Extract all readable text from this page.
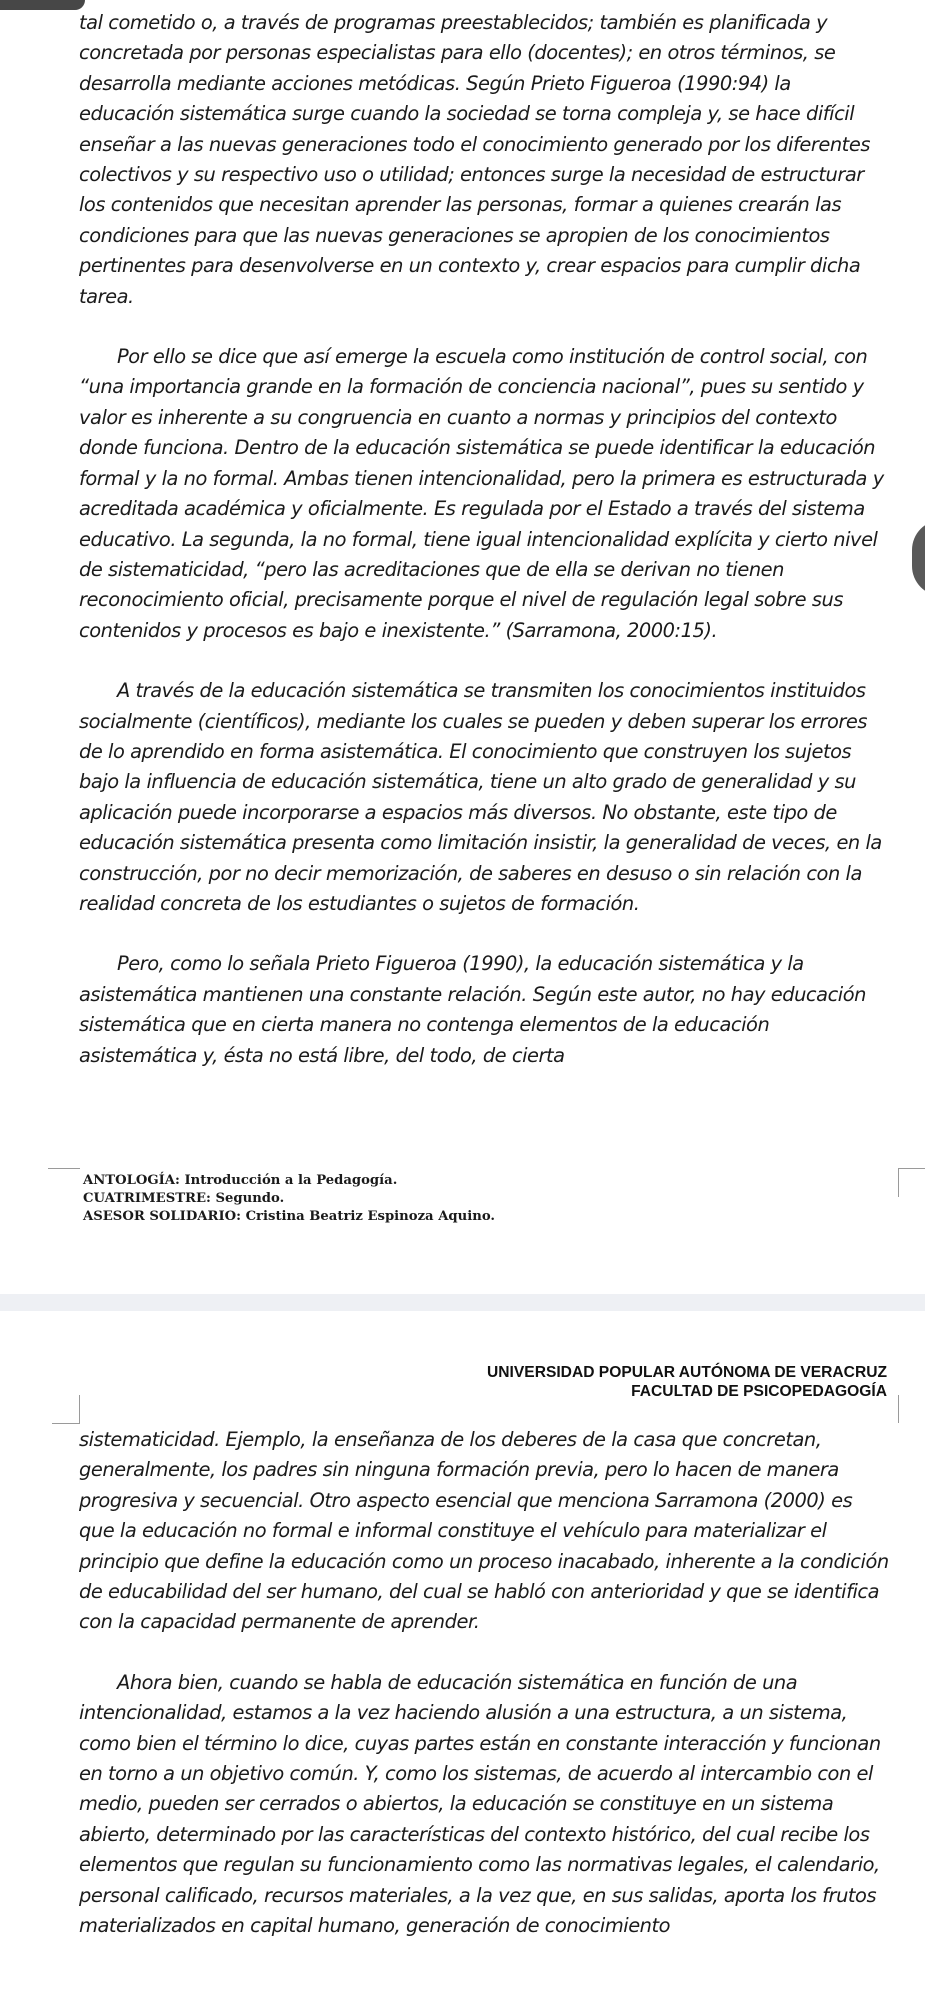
tal cometido o, a través de programas preestablecidos; también es planificada y concretada por personas especialistas para ello (docentes); en otros términos, se desarrolla mediante acciones metódicas. Según Prieto Figueroa (1990:94) la educación sistemática surge cuando la sociedad se torna compleja y, se hace difícil enseñar a las nuevas generaciones todo el conocimiento generado por los diferentes colectivos y su respectivo uso o utilidad; entonces surge la necesidad de estructurar los contenidos que necesitan aprender las personas, formar a quienes crearán las condiciones para que las nuevas generaciones se apropien de los conocimientos pertinentes para desenvolverse en un contexto y, crear espacios para cumplir dicha tarea.

Por ello se dice que así emerge la escuela como institución de control social, con “una importancia grande en la formación de conciencia nacional”, pues su sentido y valor es inherente a su congruencia en cuanto a normas y principios del contexto donde funciona. Dentro de la educación sistemática se puede identificar la educación formal y la no formal. Ambas tienen intencionalidad, pero la primera es estructurada y acreditada académica y oficialmente. Es regulada por el Estado a través del sistema educativo. La segunda, la no formal, tiene igual intencionalidad explícita y cierto nivel de sistematicidad, “pero las acreditaciones que de ella se derivan no tienen reconocimiento oficial, precisamente porque el nivel de regulación legal sobre sus contenidos y procesos es bajo e inexistente.” (Sarramona, 2000:15).

A través de la educación sistemática se transmiten los conocimientos instituidos socialmente (científicos), mediante los cuales se pueden y deben superar los errores de lo aprendido en forma asistemática. El conocimiento que construyen los sujetos bajo la influencia de educación sistemática, tiene un alto grado de generalidad y su aplicación puede incorporarse a espacios más diversos. No obstante, este tipo de educación sistemática presenta como limitación insistir, la generalidad de veces, en la construcción, por no decir memorización, de saberes en desuso o sin relación con la realidad concreta de los estudiantes o sujetos de formación.

Pero, como lo señala Prieto Figueroa (1990), la educación sistemática y la asistemática mantienen una constante relación. Según este autor, no hay educación sistemática que en cierta manera no contenga elementos de la educación asistemática y, ésta no está libre, del todo, de cierta

ANTOLOGÍA: Introducción a la Pedagogía.
CUATRIMESTRE: Segundo.
ASESOR SOLIDARIO: Cristina Beatriz Espinoza Aquino.
UNIVERSIDAD POPULAR AUTÓNOMA DE VERACRUZ
FACULTAD DE PSICOPEDAGOGÍA

sistematicidad. Ejemplo, la enseñanza de los deberes de la casa que concretan, generalmente, los padres sin ninguna formación previa, pero lo hacen de manera progresiva y secuencial. Otro aspecto esencial que menciona Sarramona (2000) es que la educación no formal e informal constituye el vehículo para materializar el principio que define la educación como un proceso inacabado, inherente a la condición de educabilidad del ser humano, del cual se habló con anterioridad y que se identifica con la capacidad permanente de aprender.

Ahora bien, cuando se habla de educación sistemática en función de una intencionalidad, estamos a la vez haciendo alusión a una estructura, a un sistema, como bien el término lo dice, cuyas partes están en constante interacción y funcionan en torno a un objetivo común. Y, como los sistemas, de acuerdo al intercambio con el medio, pueden ser cerrados o abiertos, la educación se constituye en un sistema abierto, determinado por las características del contexto histórico, del cual recibe los elementos que regulan su funcionamiento como las normativas legales, el calendario, personal calificado, recursos materiales, a la vez que, en sus salidas, aporta los frutos materializados en capital humano, generación de conocimiento
